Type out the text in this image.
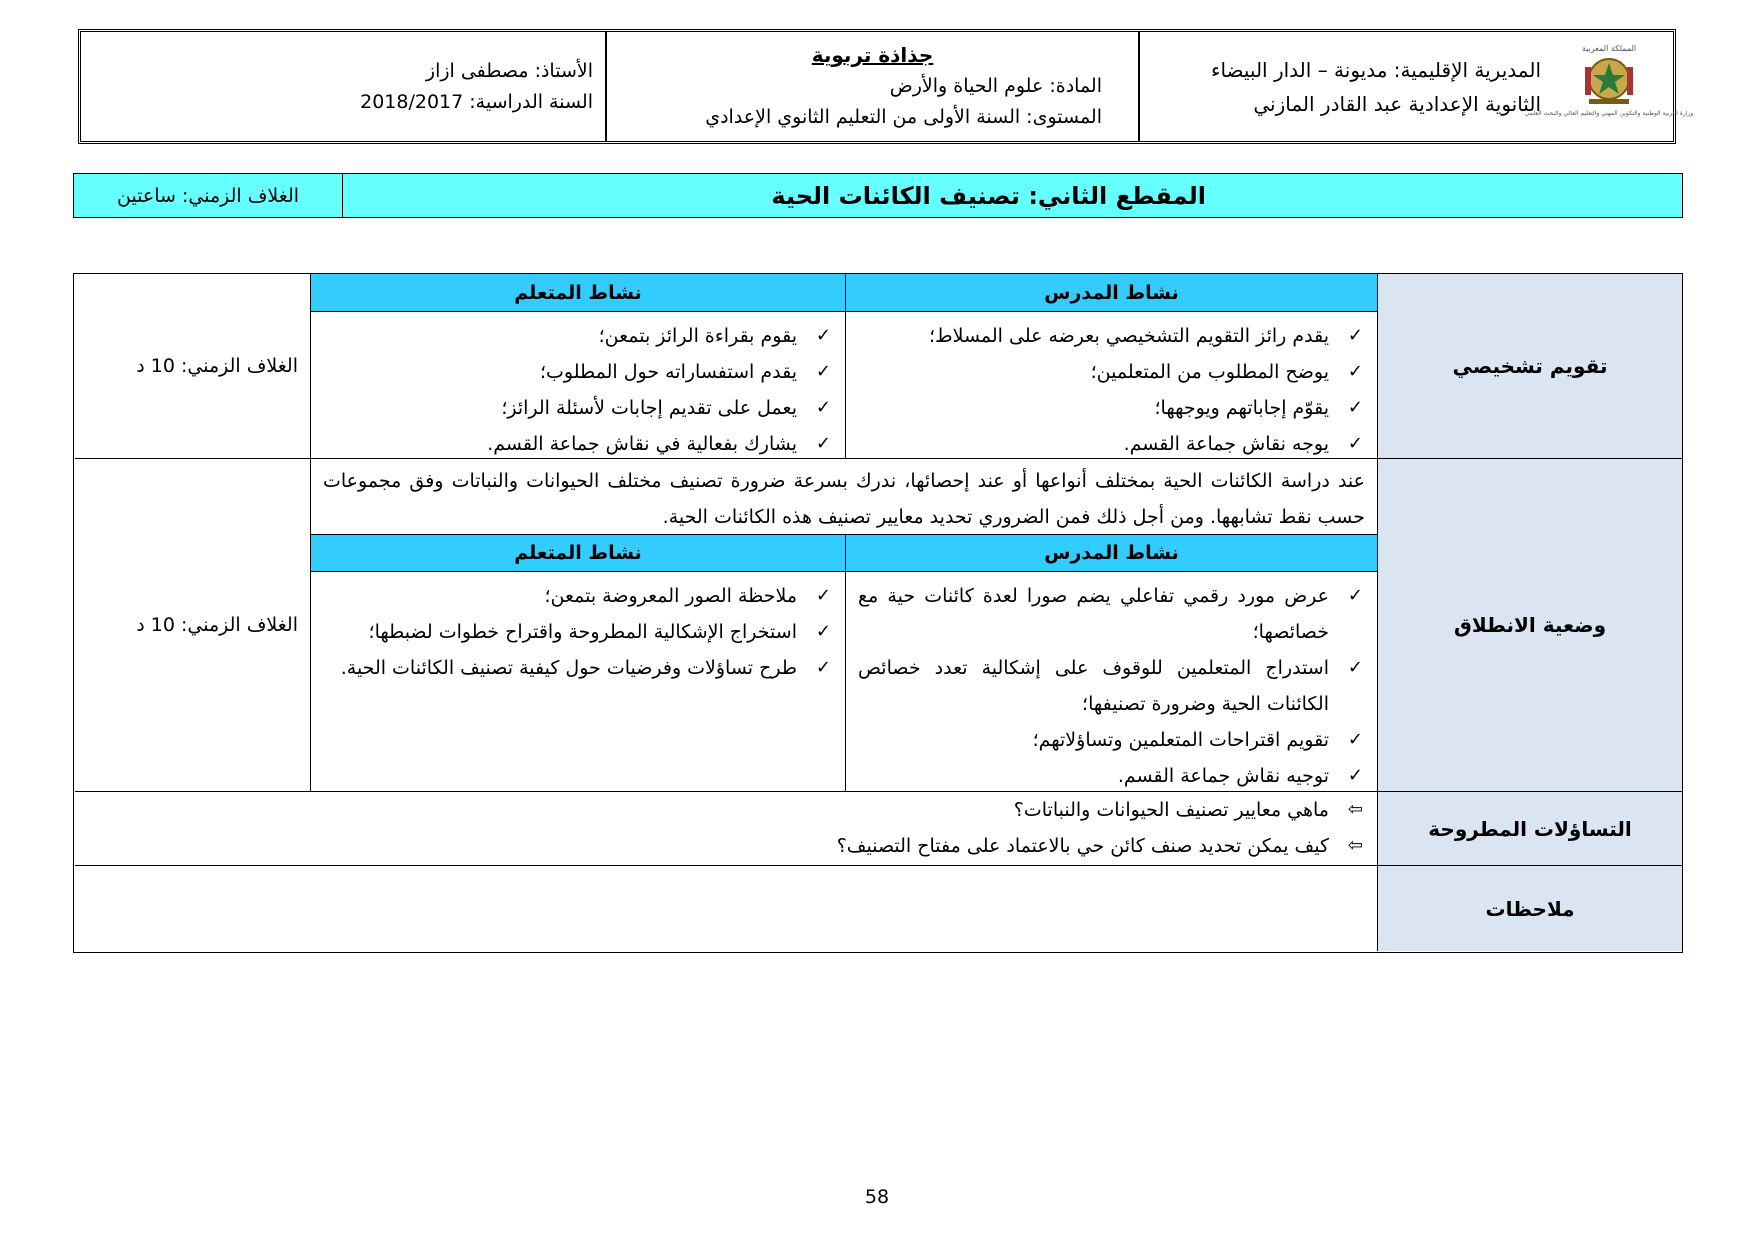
المملكة المغربية
وزارة التربية الوطنية والتكوين المهني والتعليم العالي والبحث العلمي
المديرية الإقليمية: مديونة – الدار البيضاء
الثانوية الإعدادية عبد القادر المازني
جذاذة تربوية
المادة: علوم الحياة والأرض
المستوى: السنة الأولى من التعليم الثانوي الإعدادي
الأستاذ: مصطفى ازاز
السنة الدراسية: 2018/2017
المقطع الثاني: تصنيف الكائنات الحية
الغلاف الزمني: ساعتين
تقويم تشخيصي
نشاط المدرس
نشاط المتعلم
✓
يقدم رائز التقويم التشخيصي بعرضه على المسلاط؛
✓
يوضح المطلوب من المتعلمين؛
✓
يقوّم إجاباتهم ويوجهها؛
✓
يوجه نقاش جماعة القسم.
✓
يقوم بقراءة الرائز بتمعن؛
✓
يقدم استفساراته حول المطلوب؛
✓
يعمل على تقديم إجابات لأسئلة الرائز؛
✓
يشارك بفعالية في نقاش جماعة القسم.
الغلاف الزمني: 10 د
وضعية الانطلاق
عند دراسة الكائنات الحية بمختلف أنواعها أو عند إحصائها، ندرك بسرعة ضرورة تصنيف مختلف الحيوانات والنباتات وفق مجموعات حسب نقط تشابهها. ومن أجل ذلك فمن الضروري تحديد معايير تصنيف هذه الكائنات الحية.
نشاط المدرس
نشاط المتعلم
✓
عرض مورد رقمي تفاعلي يضم صورا لعدة كائنات حية مع خصائصها؛
✓
استدراج المتعلمين للوقوف على إشكالية تعدد خصائص الكائنات الحية وضرورة تصنيفها؛
✓
تقويم اقتراحات المتعلمين وتساؤلاتهم؛
✓
توجيه نقاش جماعة القسم.
✓
ملاحظة الصور المعروضة بتمعن؛
✓
استخراج الإشكالية المطروحة واقتراح خطوات لضبطها؛
✓
طرح تساؤلات وفرضيات حول كيفية تصنيف الكائنات الحية.
الغلاف الزمني: 10 د
التساؤلات المطروحة
⇦
ماهي معايير تصنيف الحيوانات والنباتات؟
⇦
كيف يمكن تحديد صنف كائن حي بالاعتماد على مفتاح التصنيف؟
ملاحظات
58
